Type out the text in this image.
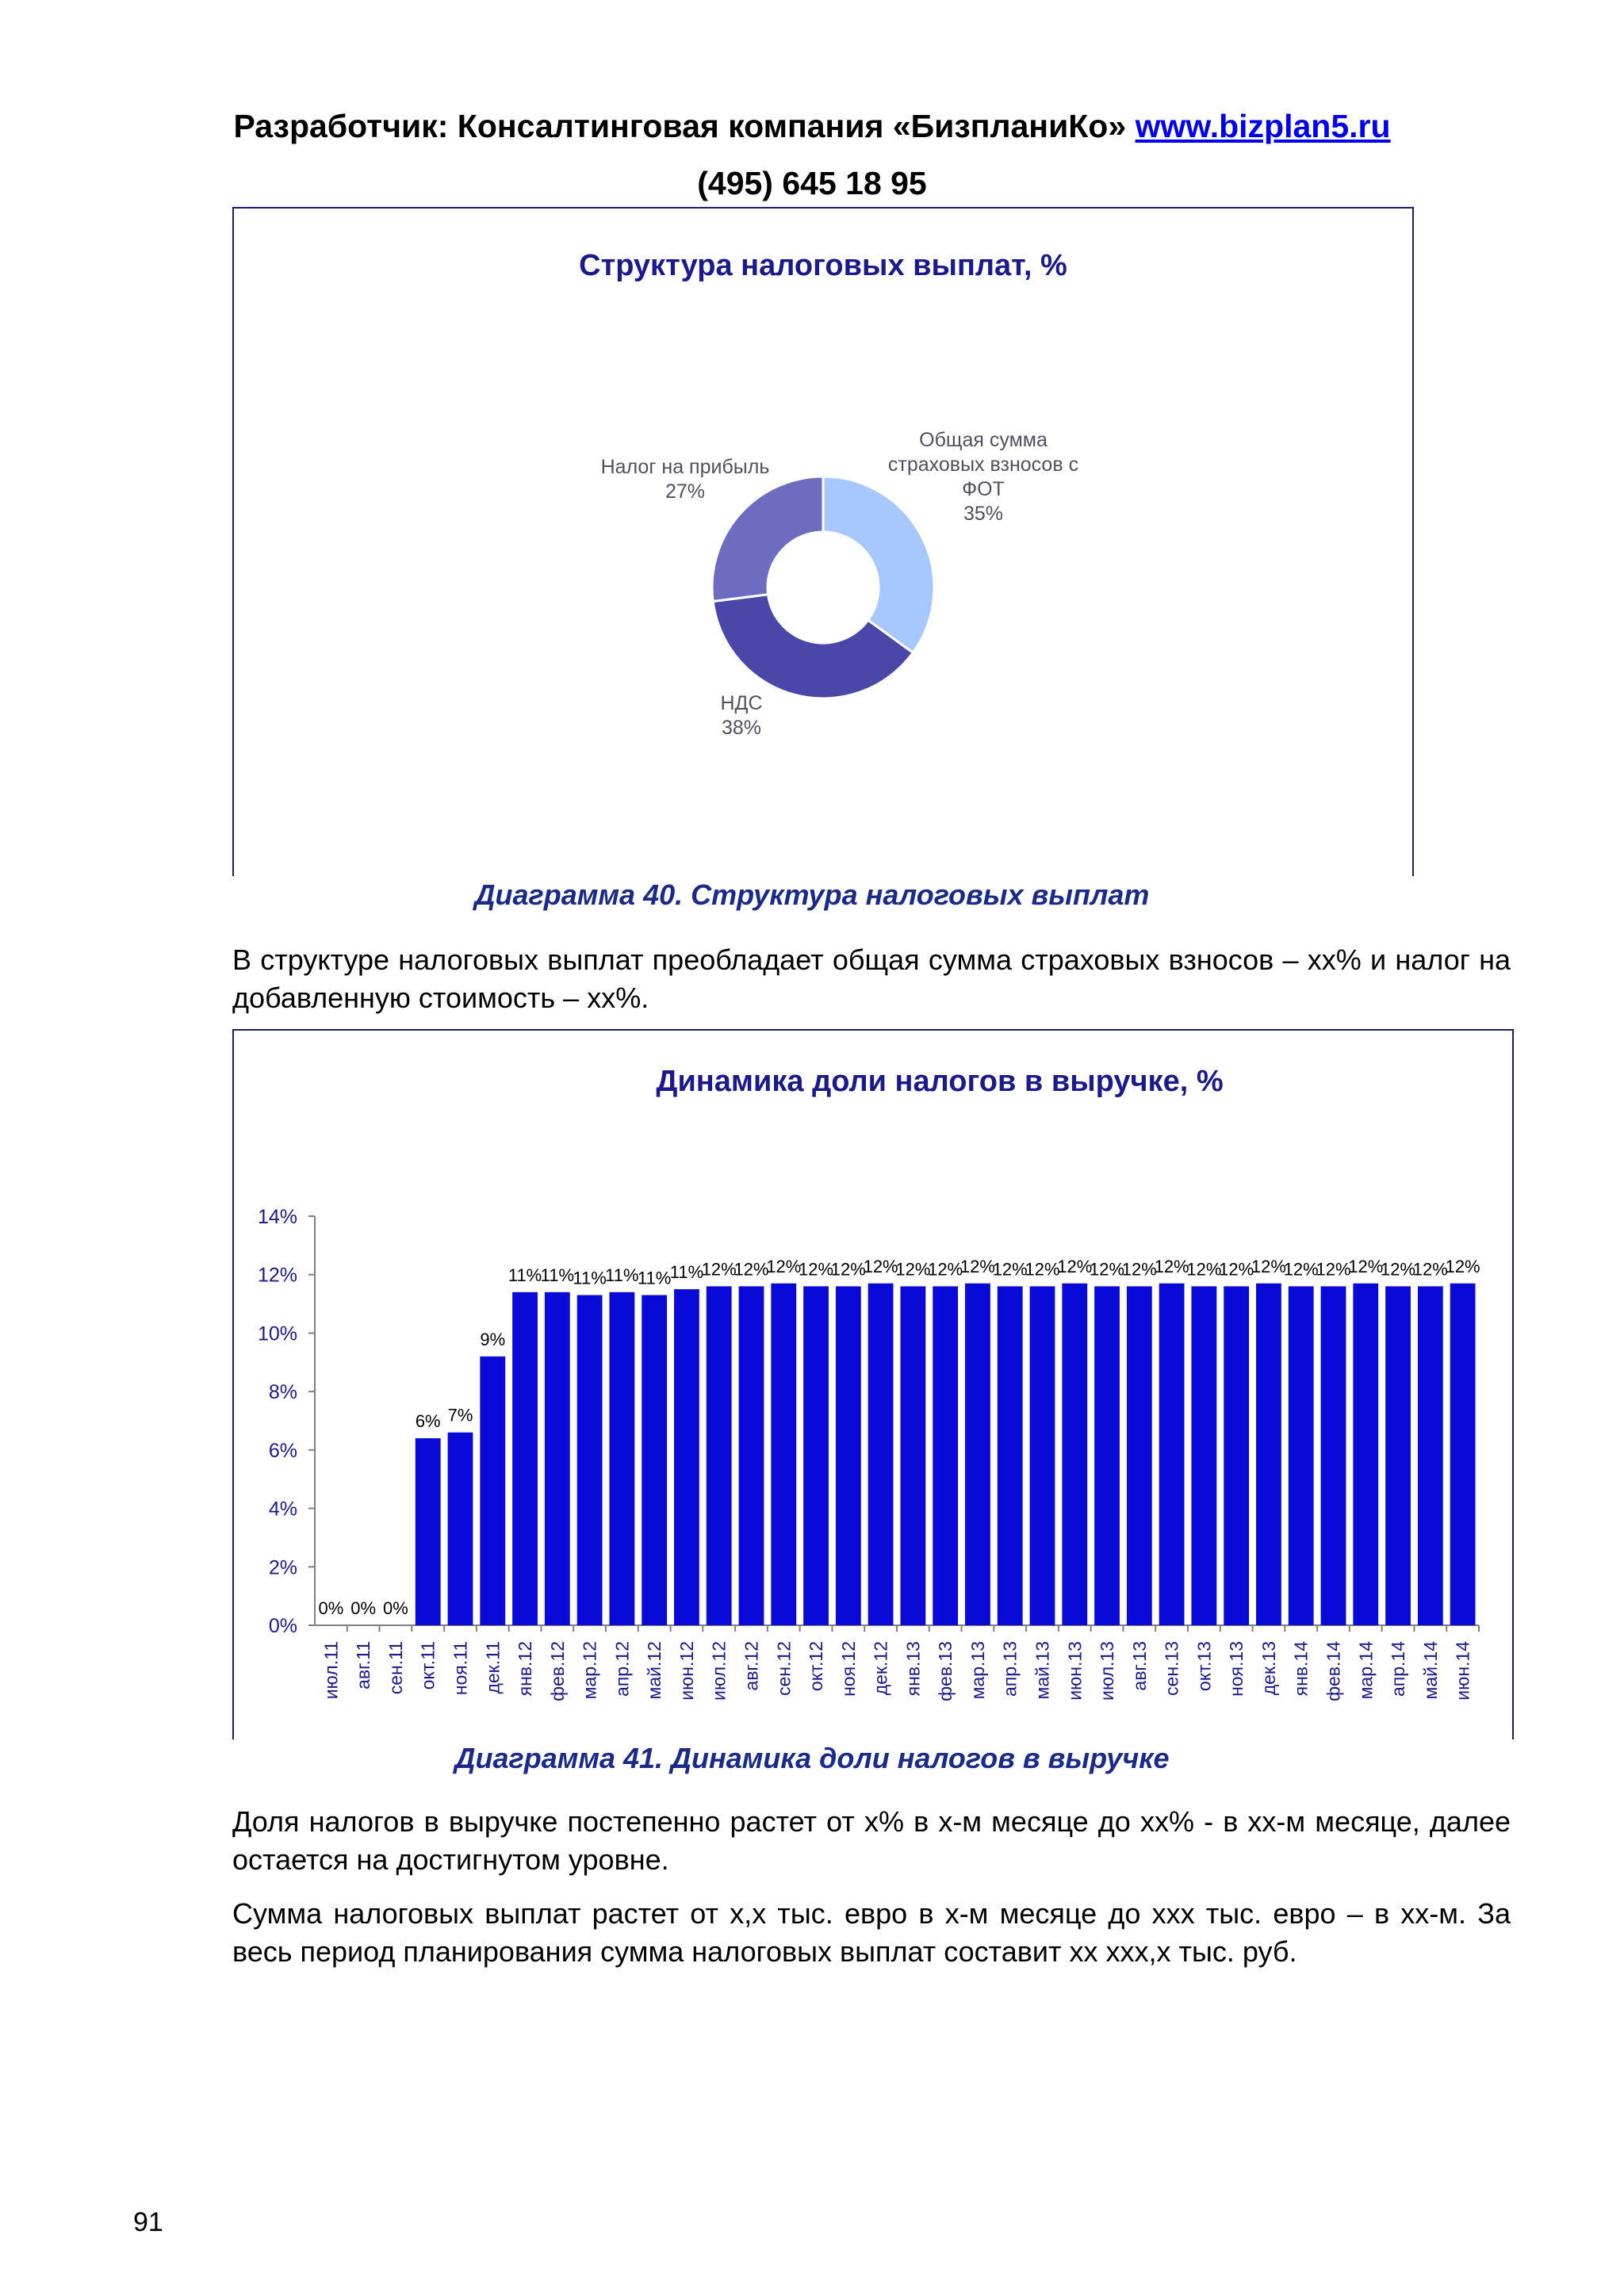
Разработчик: Консалтинговая компания «БизпланиКо» www.bizplan5.ru
(495) 645 18 95
Структура налоговых выплат, %
Общая сумма страховых взносов с ФОТ 35%
НДС 38%
Налог на прибыль 27%
Диаграмма 40. Структура налоговых выплат
В структуре налоговых выплат преобладает общая сумма страховых взносов – хх% и налог на добавленную стоимость – хх%.
Динамика доли налогов в выручке, %
0%
2%
4%
6%
8%
10%
12%
14%
0%
июл.11
0%
авг.11
0%
сен.11
6%
окт.11
7%
ноя.11
9%
дек.11
11%
янв.12
11%
фев.12
11%
мар.12
11%
апр.12
11%
май.12
11%
июн.12
12%
июл.12
12%
авг.12
12%
сен.12
12%
окт.12
12%
ноя.12
12%
дек.12
12%
янв.13
12%
фев.13
12%
мар.13
12%
апр.13
12%
май.13
12%
июн.13
12%
июл.13
12%
авг.13
12%
сен.13
12%
окт.13
12%
ноя.13
12%
дек.13
12%
янв.14
12%
фев.14
12%
мар.14
12%
апр.14
12%
май.14
12%
июн.14
Диаграмма 41. Динамика доли налогов в выручке
Доля налогов в выручке постепенно растет от х% в х-м месяце до хх% - в хх-м месяце, далее остается на достигнутом уровне.
Сумма налоговых выплат растет от х,х тыс. евро в х-м месяце до ххх тыс. евро – в хх-м. За весь период планирования сумма налоговых выплат составит хх ххх,х тыс. руб.
91
